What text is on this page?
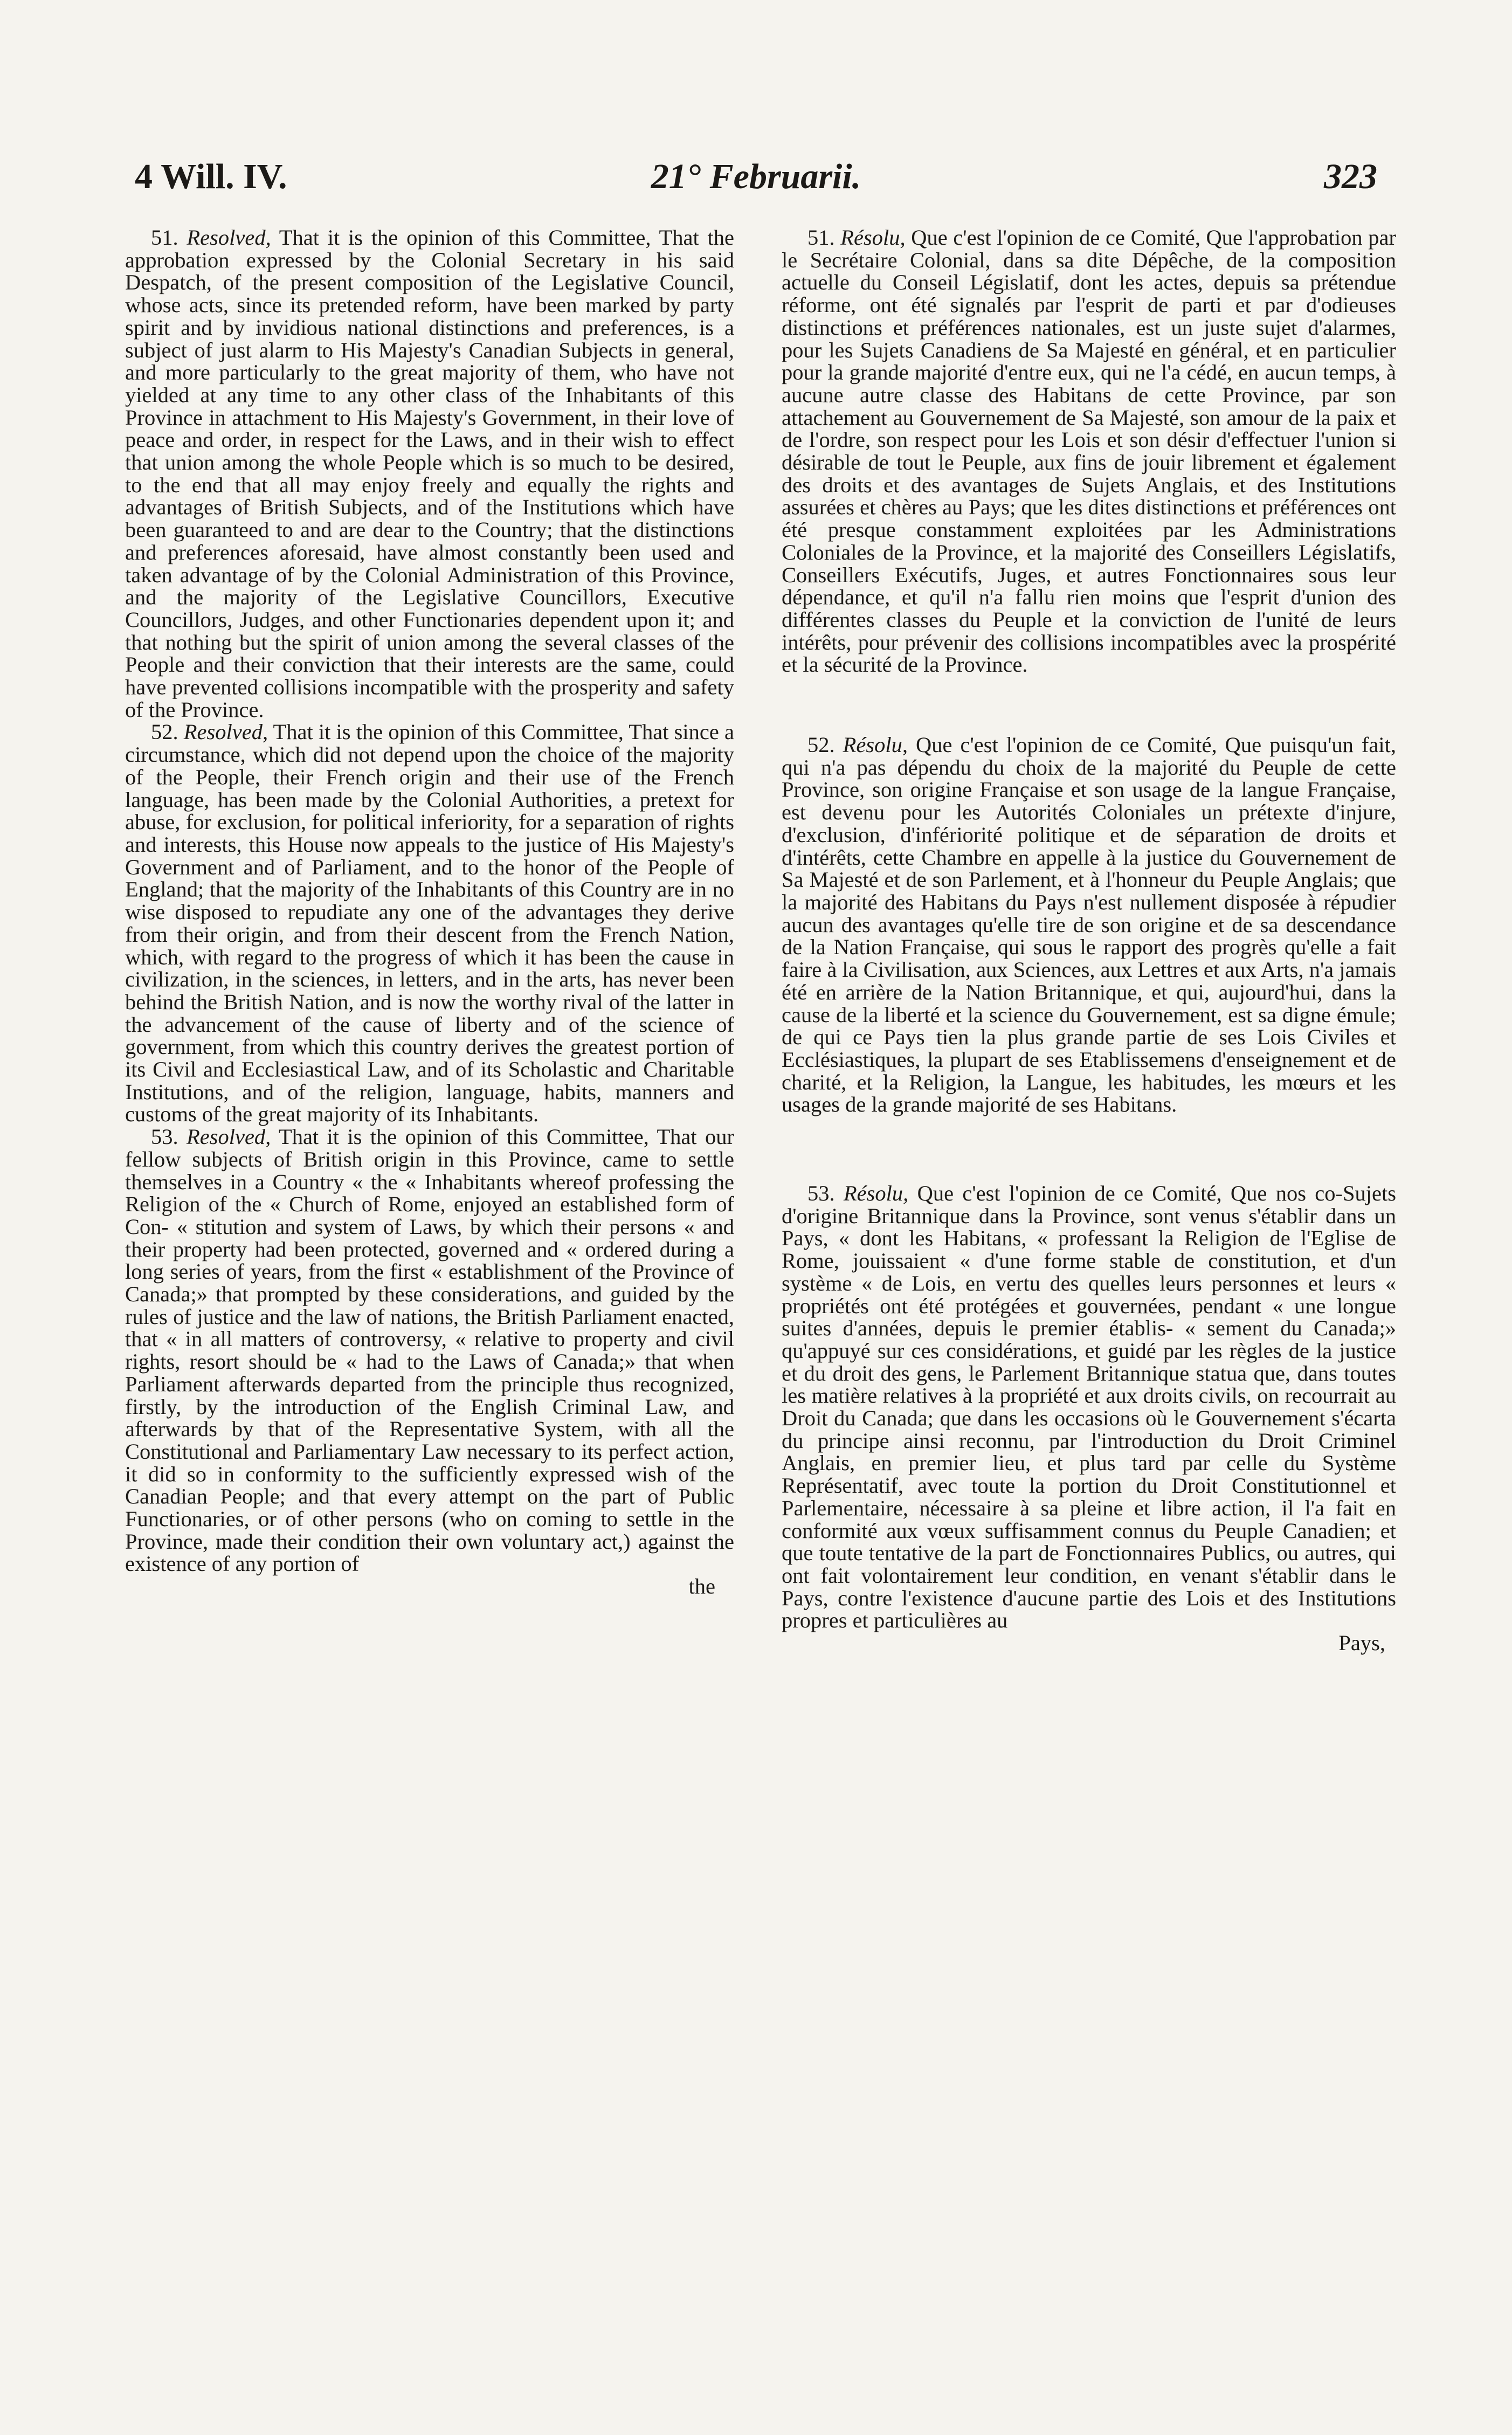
4 Will. IV.	21° Februarii.	323

51. Resolved, That it is the opinion of this Committee, That the approbation expressed by the Colonial Secretary in his said Despatch, of the present composition of the Legislative Council, whose acts, since its pretended reform, have been marked by party spirit and by invidious national distinctions and preferences, is a subject of just alarm to His Majesty's Canadian Subjects in general, and more particularly to the great majority of them, who have not yielded at any time to any other class of the Inhabitants of this Province in attachment to His Majesty's Government, in their love of peace and order, in respect for the Laws, and in their wish to effect that union among the whole People which is so much to be desired, to the end that all may enjoy freely and equally the rights and advantages of British Subjects, and of the Institutions which have been guaranteed to and are dear to the Country; that the distinctions and preferences aforesaid, have almost constantly been used and taken advantage of by the Colonial Administration of this Province, and the majority of the Legislative Councillors, Executive Councillors, Judges, and other Functionaries dependent upon it; and that nothing but the spirit of union among the several classes of the People and their conviction that their interests are the same, could have prevented collisions incompatible with the prosperity and safety of the Province.

52. Resolved, That it is the opinion of this Committee, That since a circumstance, which did not depend upon the choice of the majority of the People, their French origin and their use of the French language, has been made by the Colonial Authorities, a pretext for abuse, for exclusion, for political inferiority, for a separation of rights and interests, this House now appeals to the justice of His Majesty's Government and of Parliament, and to the honor of the People of England; that the majority of the Inhabitants of this Country are in no wise disposed to repudiate any one of the advantages they derive from their origin, and from their descent from the French Nation, which, with regard to the progress of which it has been the cause in civilization, in the sciences, in letters, and in the arts, has never been behind the British Nation, and is now the worthy rival of the latter in the advancement of the cause of liberty and of the science of government, from which this country derives the greatest portion of its Civil and Ecclesiastical Law, and of its Scholastic and Charitable Institutions, and of the religion, language, habits, manners and customs of the great majority of its Inhabitants.

53. Resolved, That it is the opinion of this Committee, That our fellow subjects of British origin in this Province, came to settle themselves in a Country « the « Inhabitants whereof professing the Religion of the « Church of Rome, enjoyed an established form of Con- « stitution and system of Laws, by which their persons « and their property had been protected, governed and « ordered during a long series of years, from the first « establishment of the Province of Canada;» that prompted by these considerations, and guided by the rules of justice and the law of nations, the British Parliament enacted, that « in all matters of controversy, « relative to property and civil rights, resort should be « had to the Laws of Canada;» that when Parliament afterwards departed from the principle thus recognized, firstly, by the introduction of the English Criminal Law, and afterwards by that of the Representative System, with all the Constitutional and Parliamentary Law necessary to its perfect action, it did so in conformity to the sufficiently expressed wish of the Canadian People; and that every attempt on the part of Public Functionaries, or of other persons (who on coming to settle in the Province, made their condition their own voluntary act,) against the existence of any portion of

the

51. Résolu, Que c'est l'opinion de ce Comité, Que l'approbation par le Secrétaire Colonial, dans sa dite Dépêche, de la composition actuelle du Conseil Législatif, dont les actes, depuis sa prétendue réforme, ont été signalés par l'esprit de parti et par d'odieuses distinctions et préférences nationales, est un juste sujet d'alarmes, pour les Sujets Canadiens de Sa Majesté en général, et en particulier pour la grande majorité d'entre eux, qui ne l'a cédé, en aucun temps, à aucune autre classe des Habitans de cette Province, par son attachement au Gouvernement de Sa Majesté, son amour de la paix et de l'ordre, son respect pour les Lois et son désir d'effectuer l'union si désirable de tout le Peuple, aux fins de jouir librement et également des droits et des avantages de Sujets Anglais, et des Institutions assurées et chères au Pays; que les dites distinctions et préférences ont été presque constamment exploitées par les Administrations Coloniales de la Province, et la majorité des Conseillers Législatifs, Conseillers Exécutifs, Juges, et autres Fonctionnaires sous leur dépendance, et qu'il n'a fallu rien moins que l'esprit d'union des différentes classes du Peuple et la conviction de l'unité de leurs intérêts, pour prévenir des collisions incompatibles avec la prospérité et la sécurité de la Province.

52. Résolu, Que c'est l'opinion de ce Comité, Que puisqu'un fait, qui n'a pas dépendu du choix de la majorité du Peuple de cette Province, son origine Française et son usage de la langue Française, est devenu pour les Autorités Coloniales un prétexte d'injure, d'exclusion, d'infériorité politique et de séparation de droits et d'intérêts, cette Chambre en appelle à la justice du Gouvernement de Sa Majesté et de son Parlement, et à l'honneur du Peuple Anglais; que la majorité des Habitans du Pays n'est nullement disposée à répudier aucun des avantages qu'elle tire de son origine et de sa descendance de la Nation Française, qui sous le rapport des progrès qu'elle a fait faire à la Civilisation, aux Sciences, aux Lettres et aux Arts, n'a jamais été en arrière de la Nation Britannique, et qui, aujourd'hui, dans la cause de la liberté et la science du Gouvernement, est sa digne émule; de qui ce Pays tien la plus grande partie de ses Lois Civiles et Ecclésiastiques, la plupart de ses Etablissemens d'enseignement et de charité, et la Religion, la Langue, les habitudes, les mœurs et les usages de la grande majorité de ses Habitans.

53. Résolu, Que c'est l'opinion de ce Comité, Que nos co-Sujets d'origine Britannique dans la Province, sont venus s'établir dans un Pays, « dont les Habitans, « professant la Religion de l'Eglise de Rome, jouissaient « d'une forme stable de constitution, et d'un système « de Lois, en vertu des quelles leurs personnes et leurs « propriétés ont été protégées et gouvernées, pendant « une longue suites d'années, depuis le premier établis- « sement du Canada;» qu'appuyé sur ces considérations, et guidé par les règles de la justice et du droit des gens, le Parlement Britannique statua que, dans toutes les matière relatives à la propriété et aux droits civils, on recourrait au Droit du Canada; que dans les occasions où le Gouvernement s'écarta du principe ainsi reconnu, par l'introduction du Droit Criminel Anglais, en premier lieu, et plus tard par celle du Système Représentatif, avec toute la portion du Droit Constitutionnel et Parlementaire, nécessaire à sa pleine et libre action, il l'a fait en conformité aux vœux suffisamment connus du Peuple Canadien; et que toute tentative de la part de Fonctionnaires Publics, ou autres, qui ont fait volontairement leur condition, en venant s'établir dans le Pays, contre l'existence d'aucune partie des Lois et des Institutions propres et particulières au

Pays,
